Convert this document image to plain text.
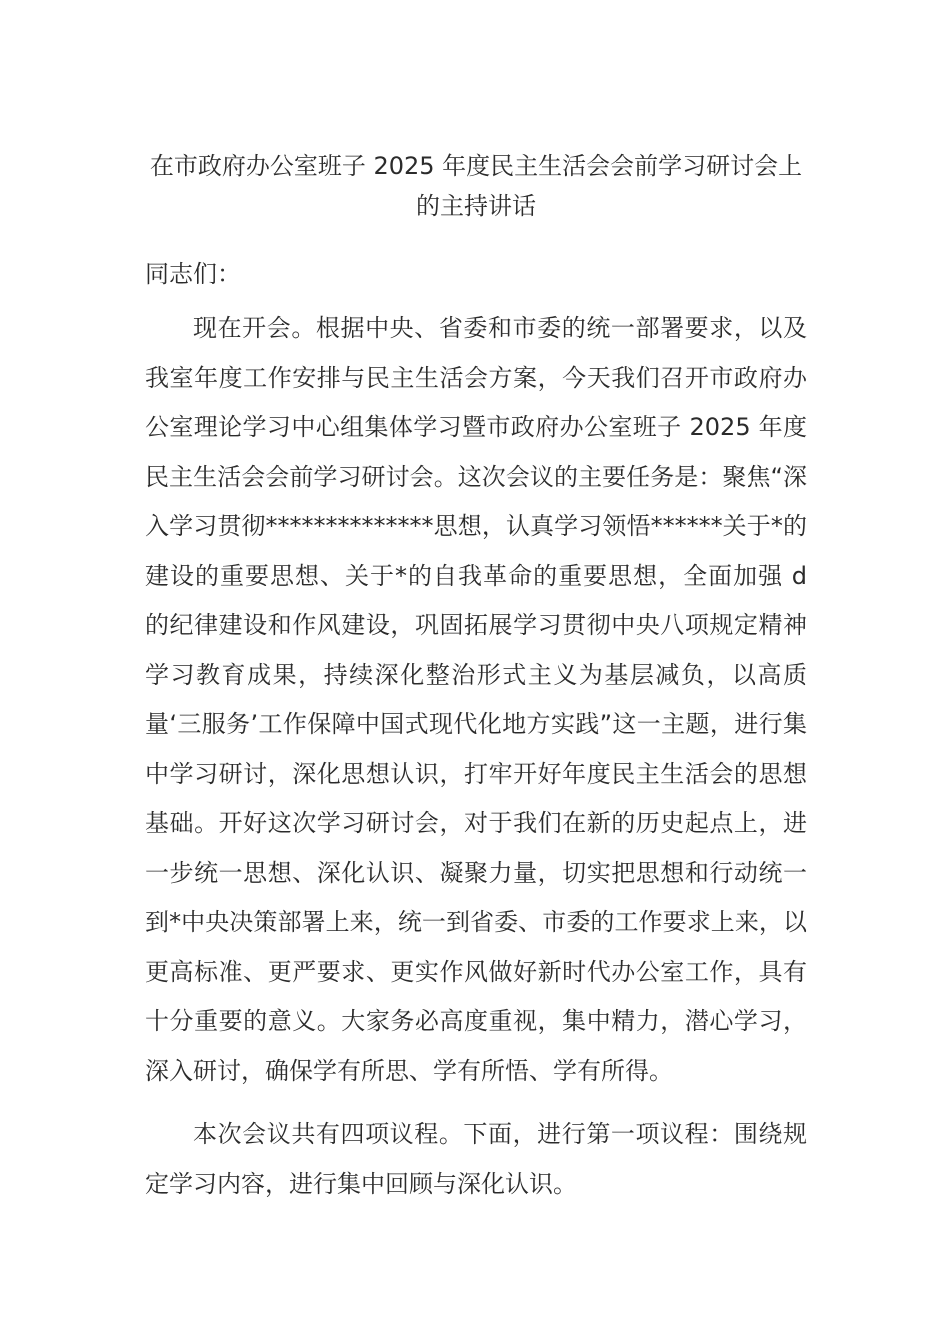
在市政府办公室班子 2025 年度民主生活会会前学习研讨会上
的主持讲话

同志们：

现在开会。根据中央、省委和市委的统一部署要求，以及我室年度工作安排与民主生活会方案，今天我们召开市政府办公室理论学习中心组集体学习暨市政府办公室班子 2025 年度民主生活会会前学习研讨会。这次会议的主要任务是：聚焦“深入学习贯彻**************思想，认真学习领悟******关于*的建设的重要思想、关于*的自我革命的重要思想，全面加强 d 的纪律建设和作风建设，巩固拓展学习贯彻中央八项规定精神学习教育成果，持续深化整治形式主义为基层减负，以高质量‘三服务’工作保障中国式现代化地方实践”这一主题，进行集中学习研讨，深化思想认识，打牢开好年度民主生活会的思想基础。开好这次学习研讨会，对于我们在新的历史起点上，进一步统一思想、深化认识、凝聚力量，切实把思想和行动统一到*中央决策部署上来，统一到省委、市委的工作要求上来，以更高标准、更严要求、更实作风做好新时代办公室工作，具有十分重要的意义。大家务必高度重视，集中精力，潜心学习，深入研讨，确保学有所思、学有所悟、学有所得。

本次会议共有四项议程。下面，进行第一项议程：围绕规定学习内容，进行集中回顾与深化认识。
